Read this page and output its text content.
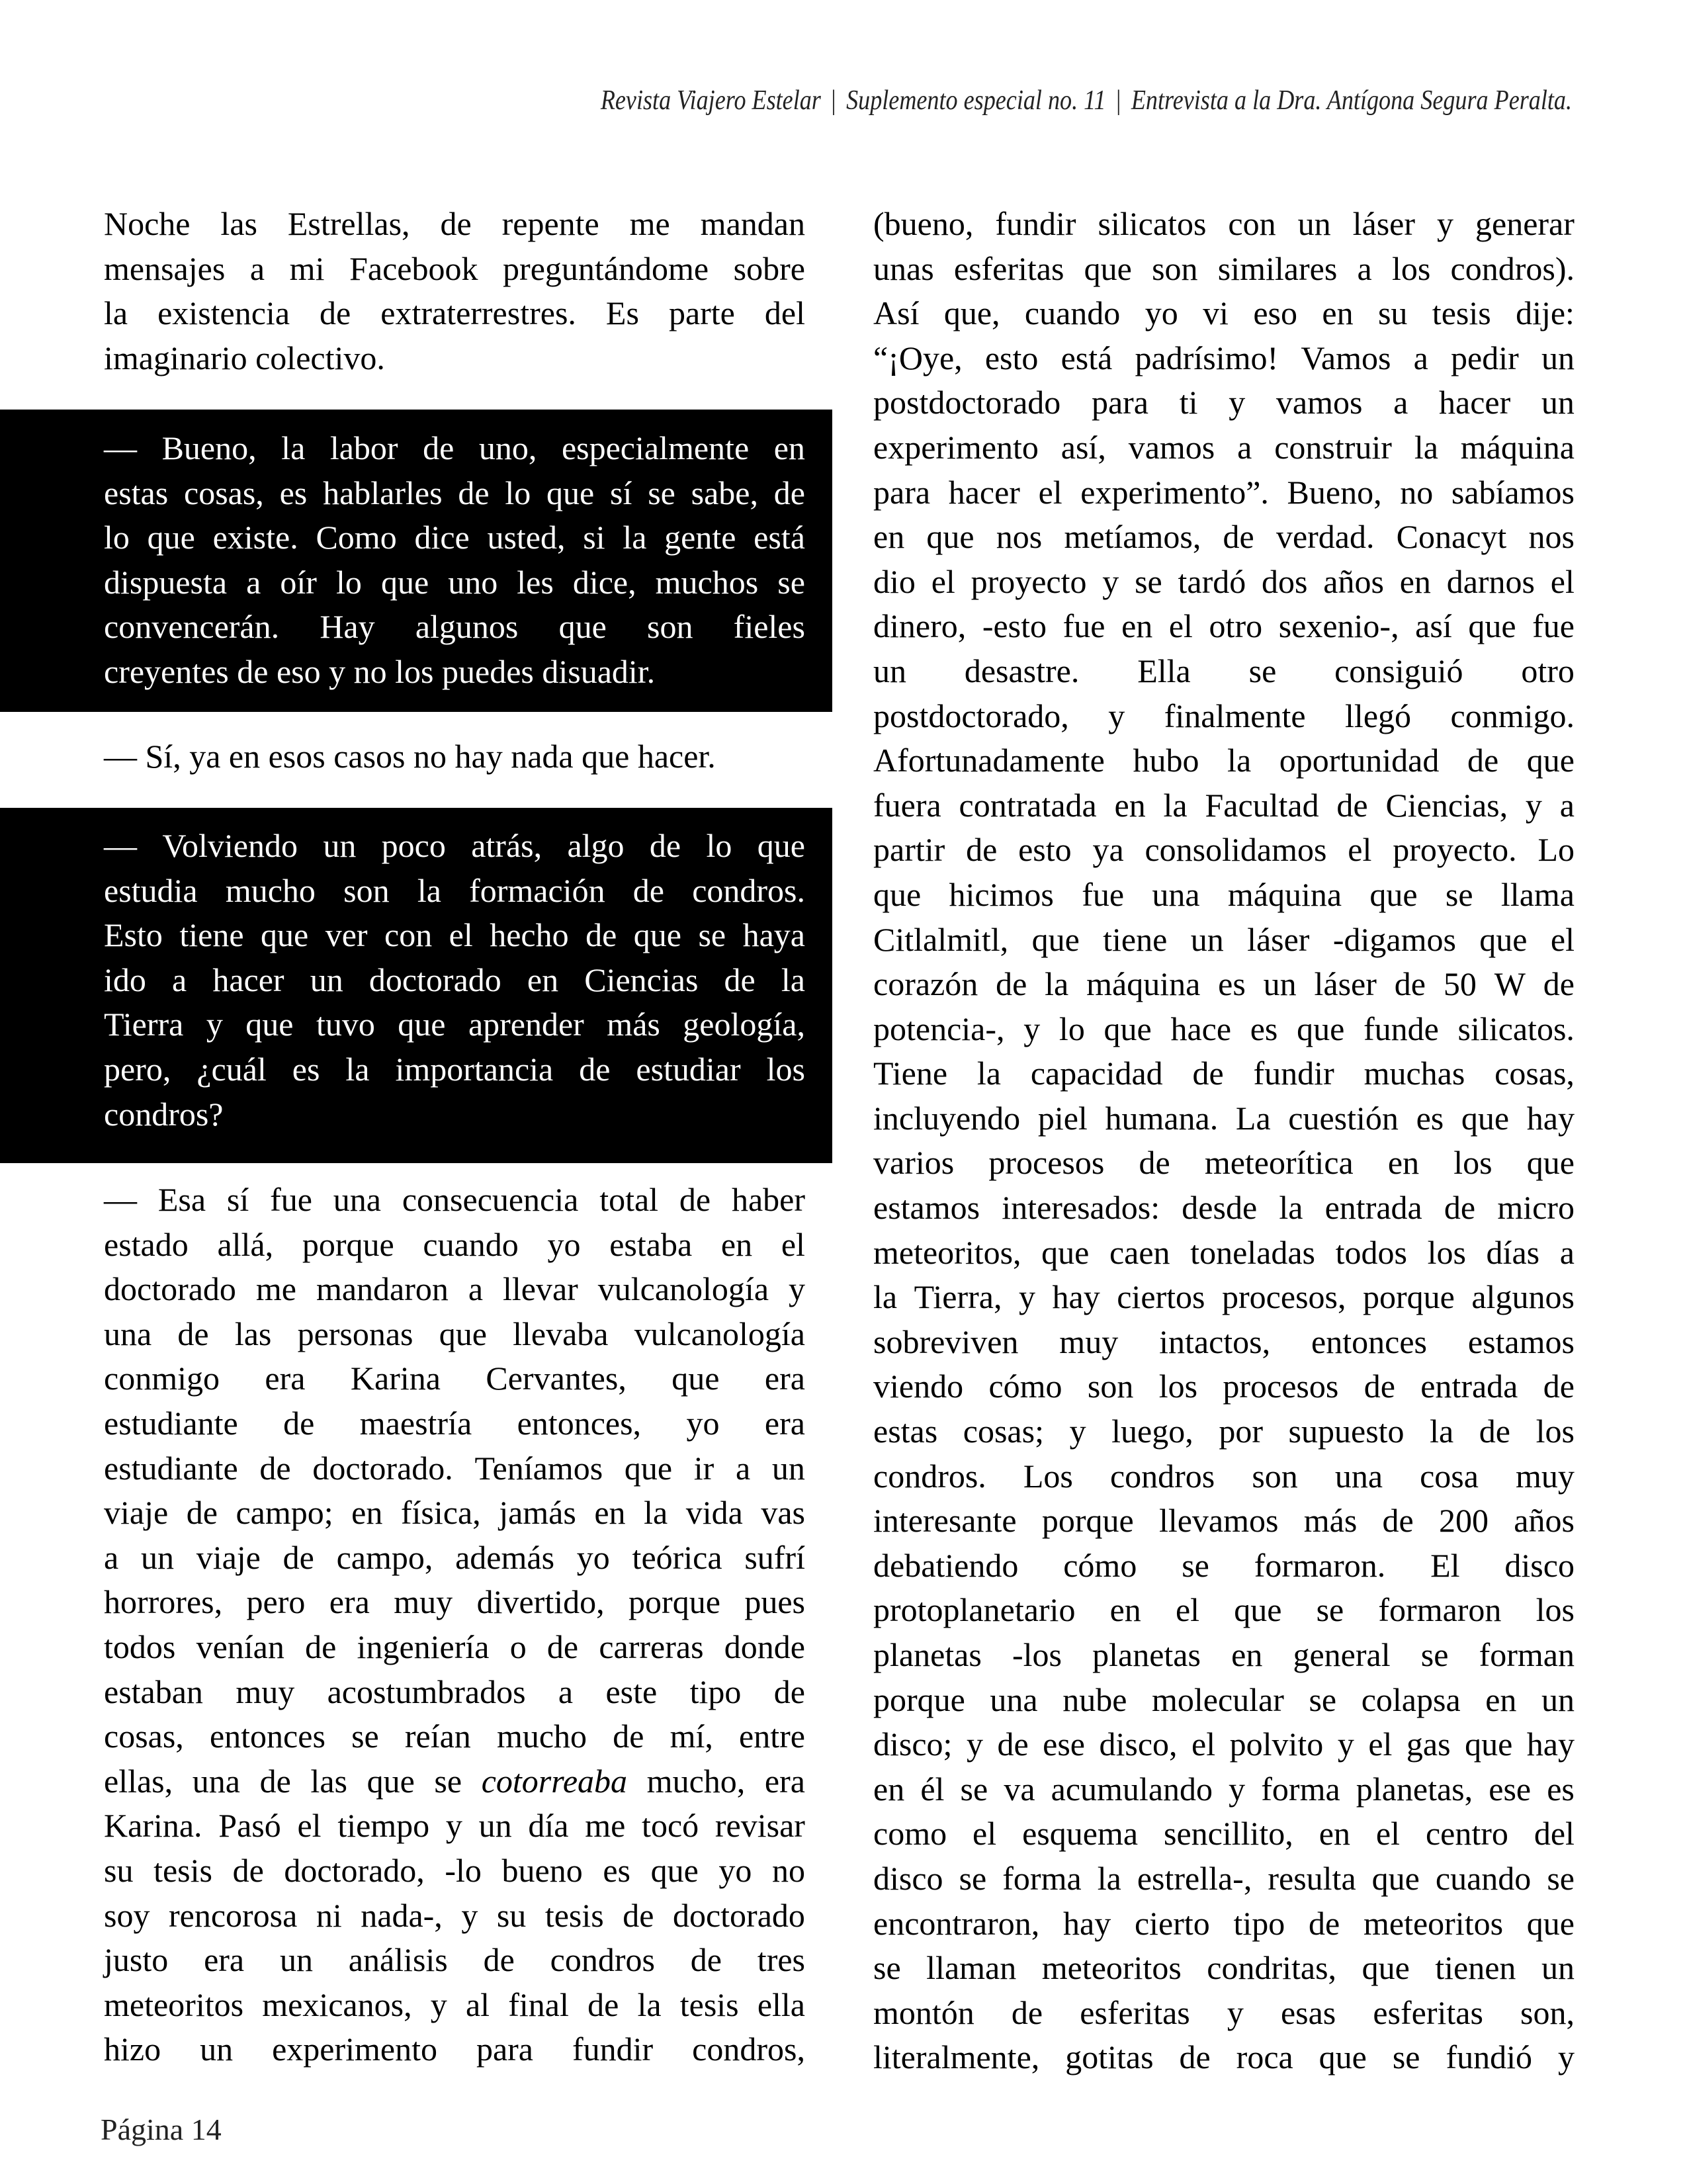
Revista Viajero Estelar | Suplemento especial no. 11 | Entrevista a la Dra. Antígona Segura Peralta.
Noche las Estrellas, de repente me mandan
mensajes a mi Facebook preguntándome sobre
la existencia de extraterrestres. Es parte del
imaginario colectivo.
— Bueno, la labor de uno, especialmente en
estas cosas, es hablarles de lo que sí se sabe, de
lo que existe. Como dice usted, si la gente está
dispuesta a oír lo que uno les dice, muchos se
convencerán. Hay algunos que son fieles
creyentes de eso y no los puedes disuadir.
— Sí, ya en esos casos no hay nada que hacer.
— Volviendo un poco atrás, algo de lo que
estudia mucho son la formación de condros.
Esto tiene que ver con el hecho de que se haya
ido a hacer un doctorado en Ciencias de la
Tierra y que tuvo que aprender más geología,
pero, ¿cuál es la importancia de estudiar los
condros?
— Esa sí fue una consecuencia total de haber
estado allá, porque cuando yo estaba en el
doctorado me mandaron a llevar vulcanología y
una de las personas que llevaba vulcanología
conmigo era Karina Cervantes, que era
estudiante de maestría entonces, yo era
estudiante de doctorado. Teníamos que ir a un
viaje de campo; en física, jamás en la vida vas
a un viaje de campo, además yo teórica sufrí
horrores, pero era muy divertido, porque pues
todos venían de ingeniería o de carreras donde
estaban muy acostumbrados a este tipo de
cosas, entonces se reían mucho de mí, entre
ellas, una de las que se cotorreaba mucho, era
Karina. Pasó el tiempo y un día me tocó revisar
su tesis de doctorado, -lo bueno es que yo no
soy rencorosa ni nada-, y su tesis de doctorado
justo era un análisis de condros de tres
meteoritos mexicanos, y al final de la tesis ella
hizo un experimento para fundir condros,
(bueno, fundir silicatos con un láser y generar
unas esferitas que son similares a los condros).
Así que, cuando yo vi eso en su tesis dije:
“¡Oye, esto está padrísimo! Vamos a pedir un
postdoctorado para ti y vamos a hacer un
experimento así, vamos a construir la máquina
para hacer el experimento”. Bueno, no sabíamos
en que nos metíamos, de verdad. Conacyt nos
dio el proyecto y se tardó dos años en darnos el
dinero, -esto fue en el otro sexenio-, así que fue
un desastre. Ella se consiguió otro
postdoctorado, y finalmente llegó conmigo.
Afortunadamente hubo la oportunidad de que
fuera contratada en la Facultad de Ciencias, y a
partir de esto ya consolidamos el proyecto. Lo
que hicimos fue una máquina que se llama
Citlalmitl, que tiene un láser -digamos que el
corazón de la máquina es un láser de 50 W de
potencia-, y lo que hace es que funde silicatos.
Tiene la capacidad de fundir muchas cosas,
incluyendo piel humana. La cuestión es que hay
varios procesos de meteorítica en los que
estamos interesados: desde la entrada de micro
meteoritos, que caen toneladas todos los días a
la Tierra, y hay ciertos procesos, porque algunos
sobreviven muy intactos, entonces estamos
viendo cómo son los procesos de entrada de
estas cosas; y luego, por supuesto la de los
condros. Los condros son una cosa muy
interesante porque llevamos más de 200 años
debatiendo cómo se formaron. El disco
protoplanetario en el que se formaron los
planetas -los planetas en general se forman
porque una nube molecular se colapsa en un
disco; y de ese disco, el polvito y el gas que hay
en él se va acumulando y forma planetas, ese es
como el esquema sencillito, en el centro del
disco se forma la estrella-, resulta que cuando se
encontraron, hay cierto tipo de meteoritos que
se llaman meteoritos condritas, que tienen un
montón de esferitas y esas esferitas son,
literalmente, gotitas de roca que se fundió y
Página 14
